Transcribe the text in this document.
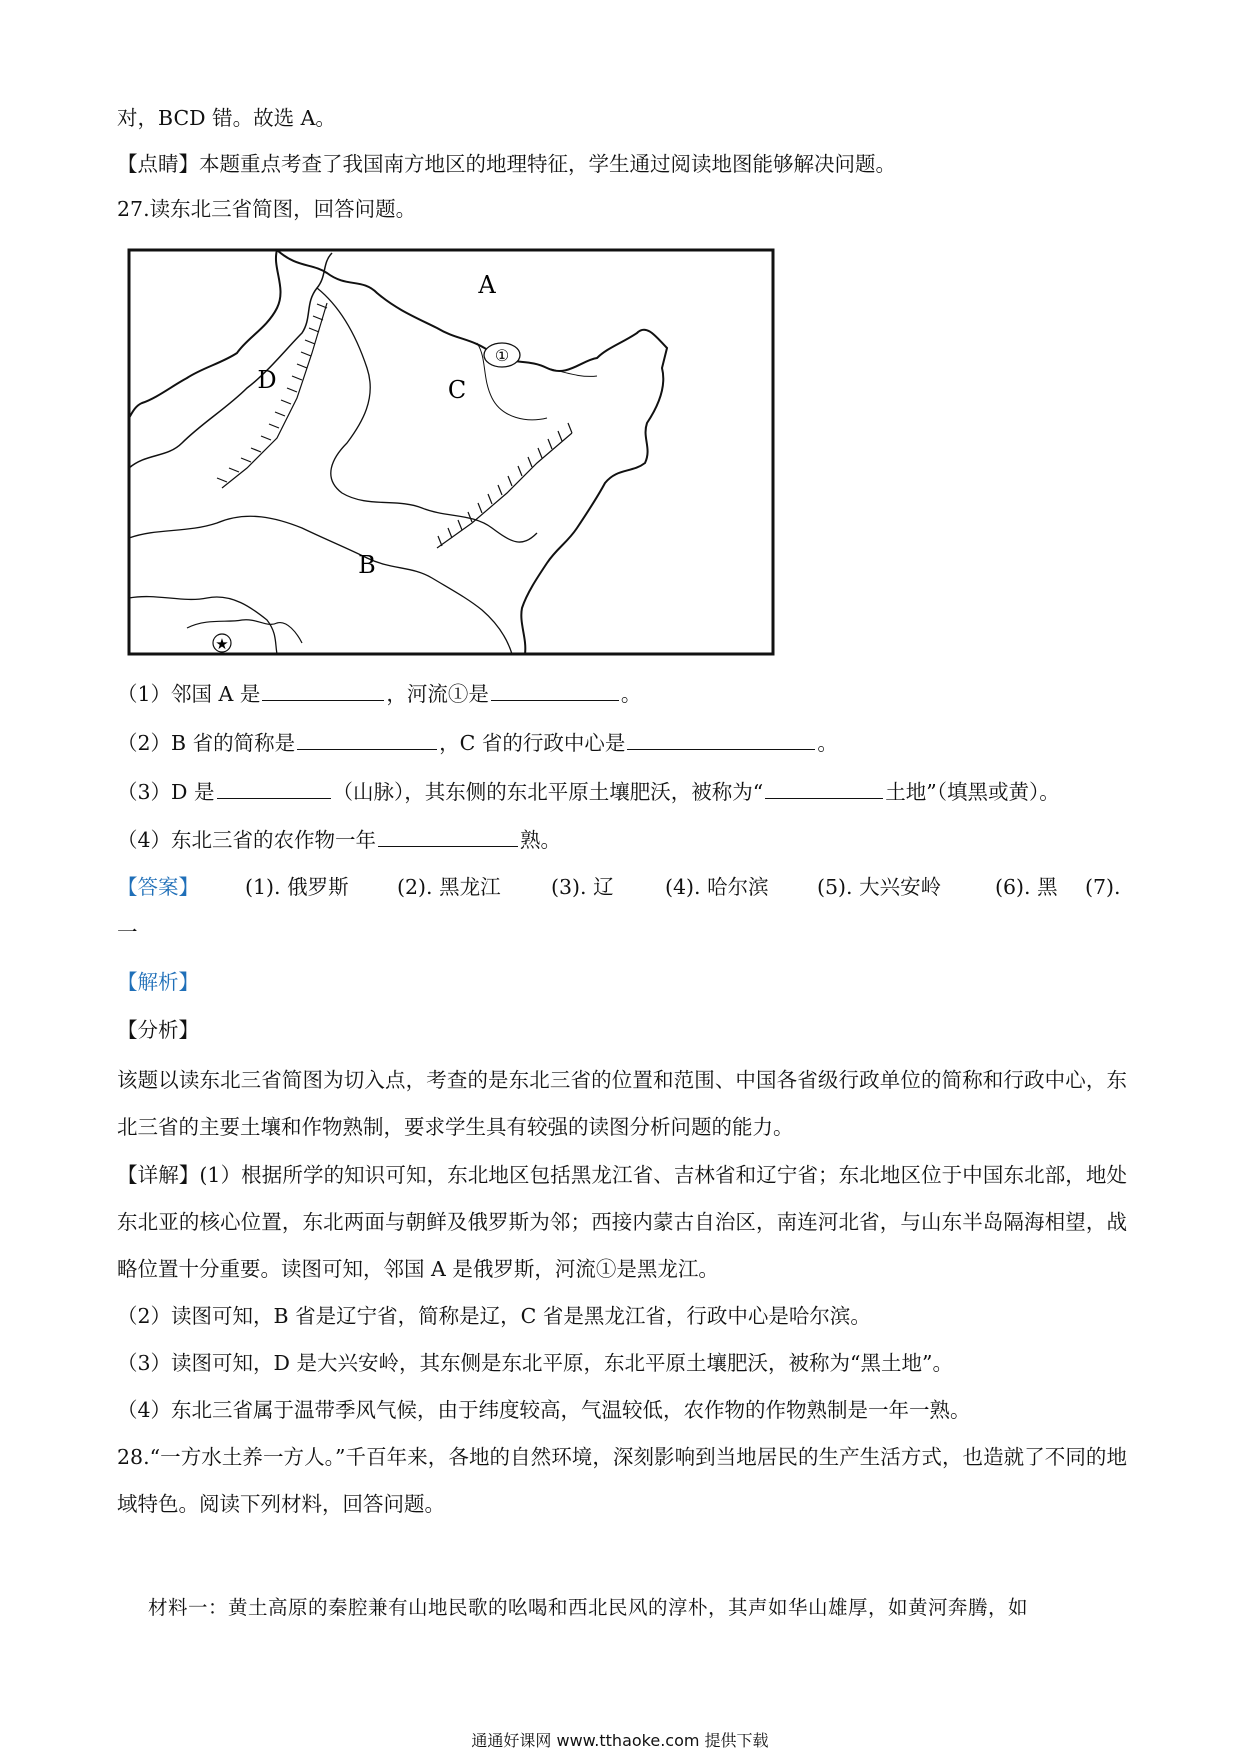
对，BCD 错。故选 A。
【点睛】本题重点考查了我国南方地区的地理特征，学生通过阅读地图能够解决问题。
27.读东北三省简图，回答问题。
①
★
A
C
D
B
（1）邻国 A 是	，河流①是	。
（2）B 省的简称是	，C 省的行政中心是	。
（3）D 是	（山脉），其东侧的东北平原土壤肥沃，被称为“	土地”（填黑或黄）。
（4）东北三省的农作物一年	熟。
【答案】 (1). 俄罗斯 (2). 黑龙江 (3). 辽	(4). 哈尔滨 (5). 大兴安岭	(6). 黑 (7).
一
【解析】
【分析】
该题以读东北三省简图为切入点，考查的是东北三省的位置和范围、中国各省级行政单位的简称和行政中心，东北三省的主要土壤和作物熟制，要求学生具有较强的读图分析问题的能力。
【详解】(1）根据所学的知识可知，东北地区包括黑龙江省、吉林省和辽宁省；东北地区位于中国东北部，地处东北亚的核心位置，东北两面与朝鲜及俄罗斯为邻；西接内蒙古自治区，南连河北省，与山东半岛隔海相望，战略位置十分重要。读图可知，邻国 A 是俄罗斯，河流①是黑龙江。
（2）读图可知，B 省是辽宁省，简称是辽，C 省是黑龙江省，行政中心是哈尔滨。
（3）读图可知，D 是大兴安岭，其东侧是东北平原，东北平原土壤肥沃，被称为“黑土地”。
（4）东北三省属于温带季风气候，由于纬度较高，气温较低，农作物的作物熟制是一年一熟。
28.“一方水土养一方人。”千百年来，各地的自然环境，深刻影响到当地居民的生产生活方式，也造就了不同的地域特色。阅读下列材料，回答问题。
材料一：黄土高原的秦腔兼有山地民歌的吆喝和西北民风的淳朴，其声如华山雄厚，如黄河奔腾，如
通通好课网 www.tthaoke.com 提供下载
